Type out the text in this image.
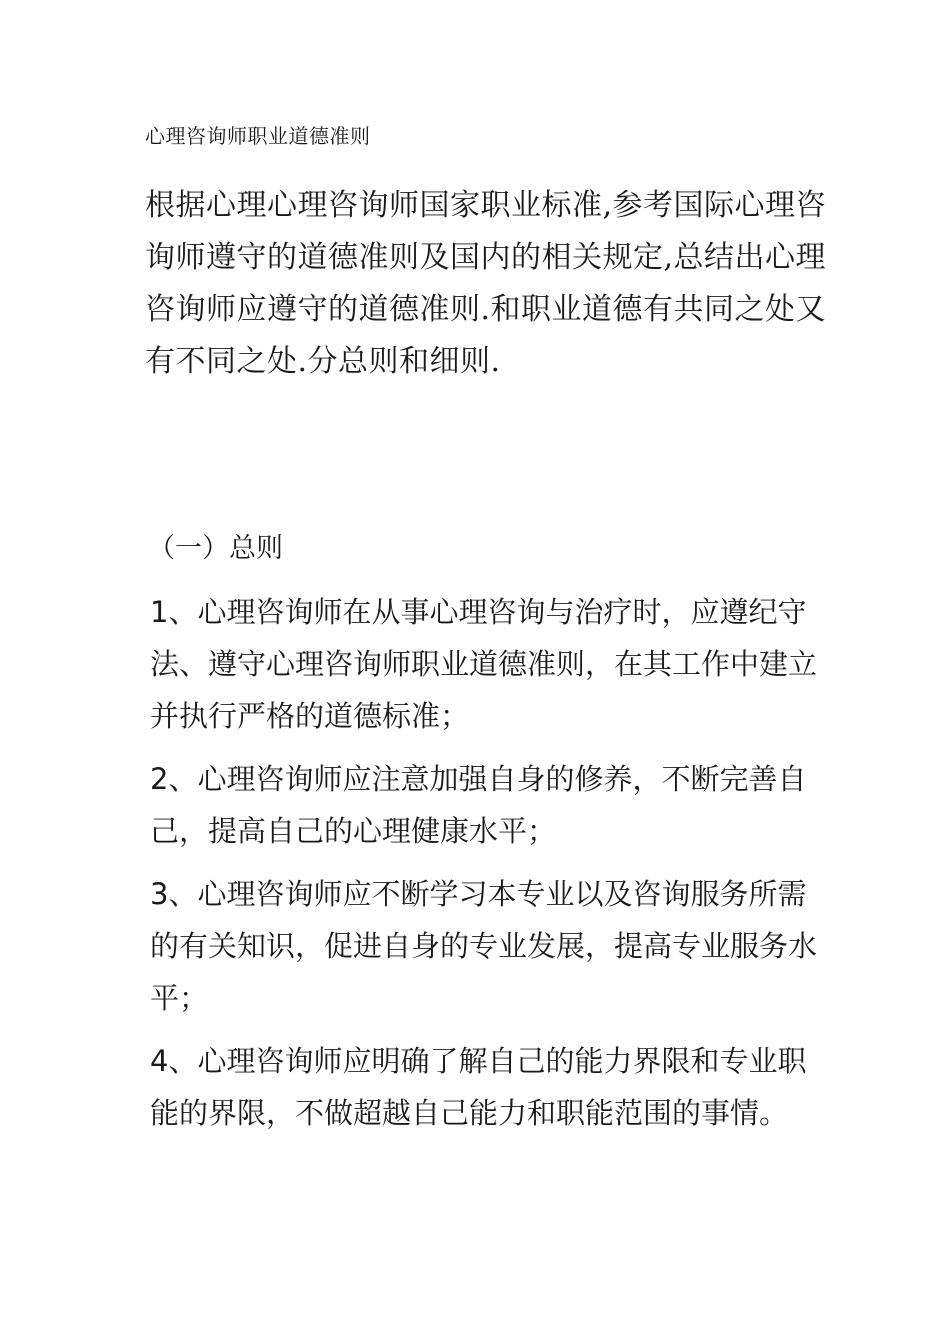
心理咨询师职业道德准则
根据心理心理咨询师国家职业标准,参考国际心理咨
询师遵守的道德准则及国内的相关规定,总结出心理
咨询师应遵守的道德准则.和职业道德有共同之处又
有不同之处.分总则和细则.
（一）总则
1、心理咨询师在从事心理咨询与治疗时，应遵纪守
法、遵守心理咨询师职业道德准则，在其工作中建立
并执行严格的道德标准；
2、心理咨询师应注意加强自身的修养，不断完善自
己，提高自己的心理健康水平；
3、心理咨询师应不断学习本专业以及咨询服务所需
的有关知识，促进自身的专业发展，提高专业服务水
平；
4、心理咨询师应明确了解自己的能力界限和专业职
能的界限，不做超越自己能力和职能范围的事情。
